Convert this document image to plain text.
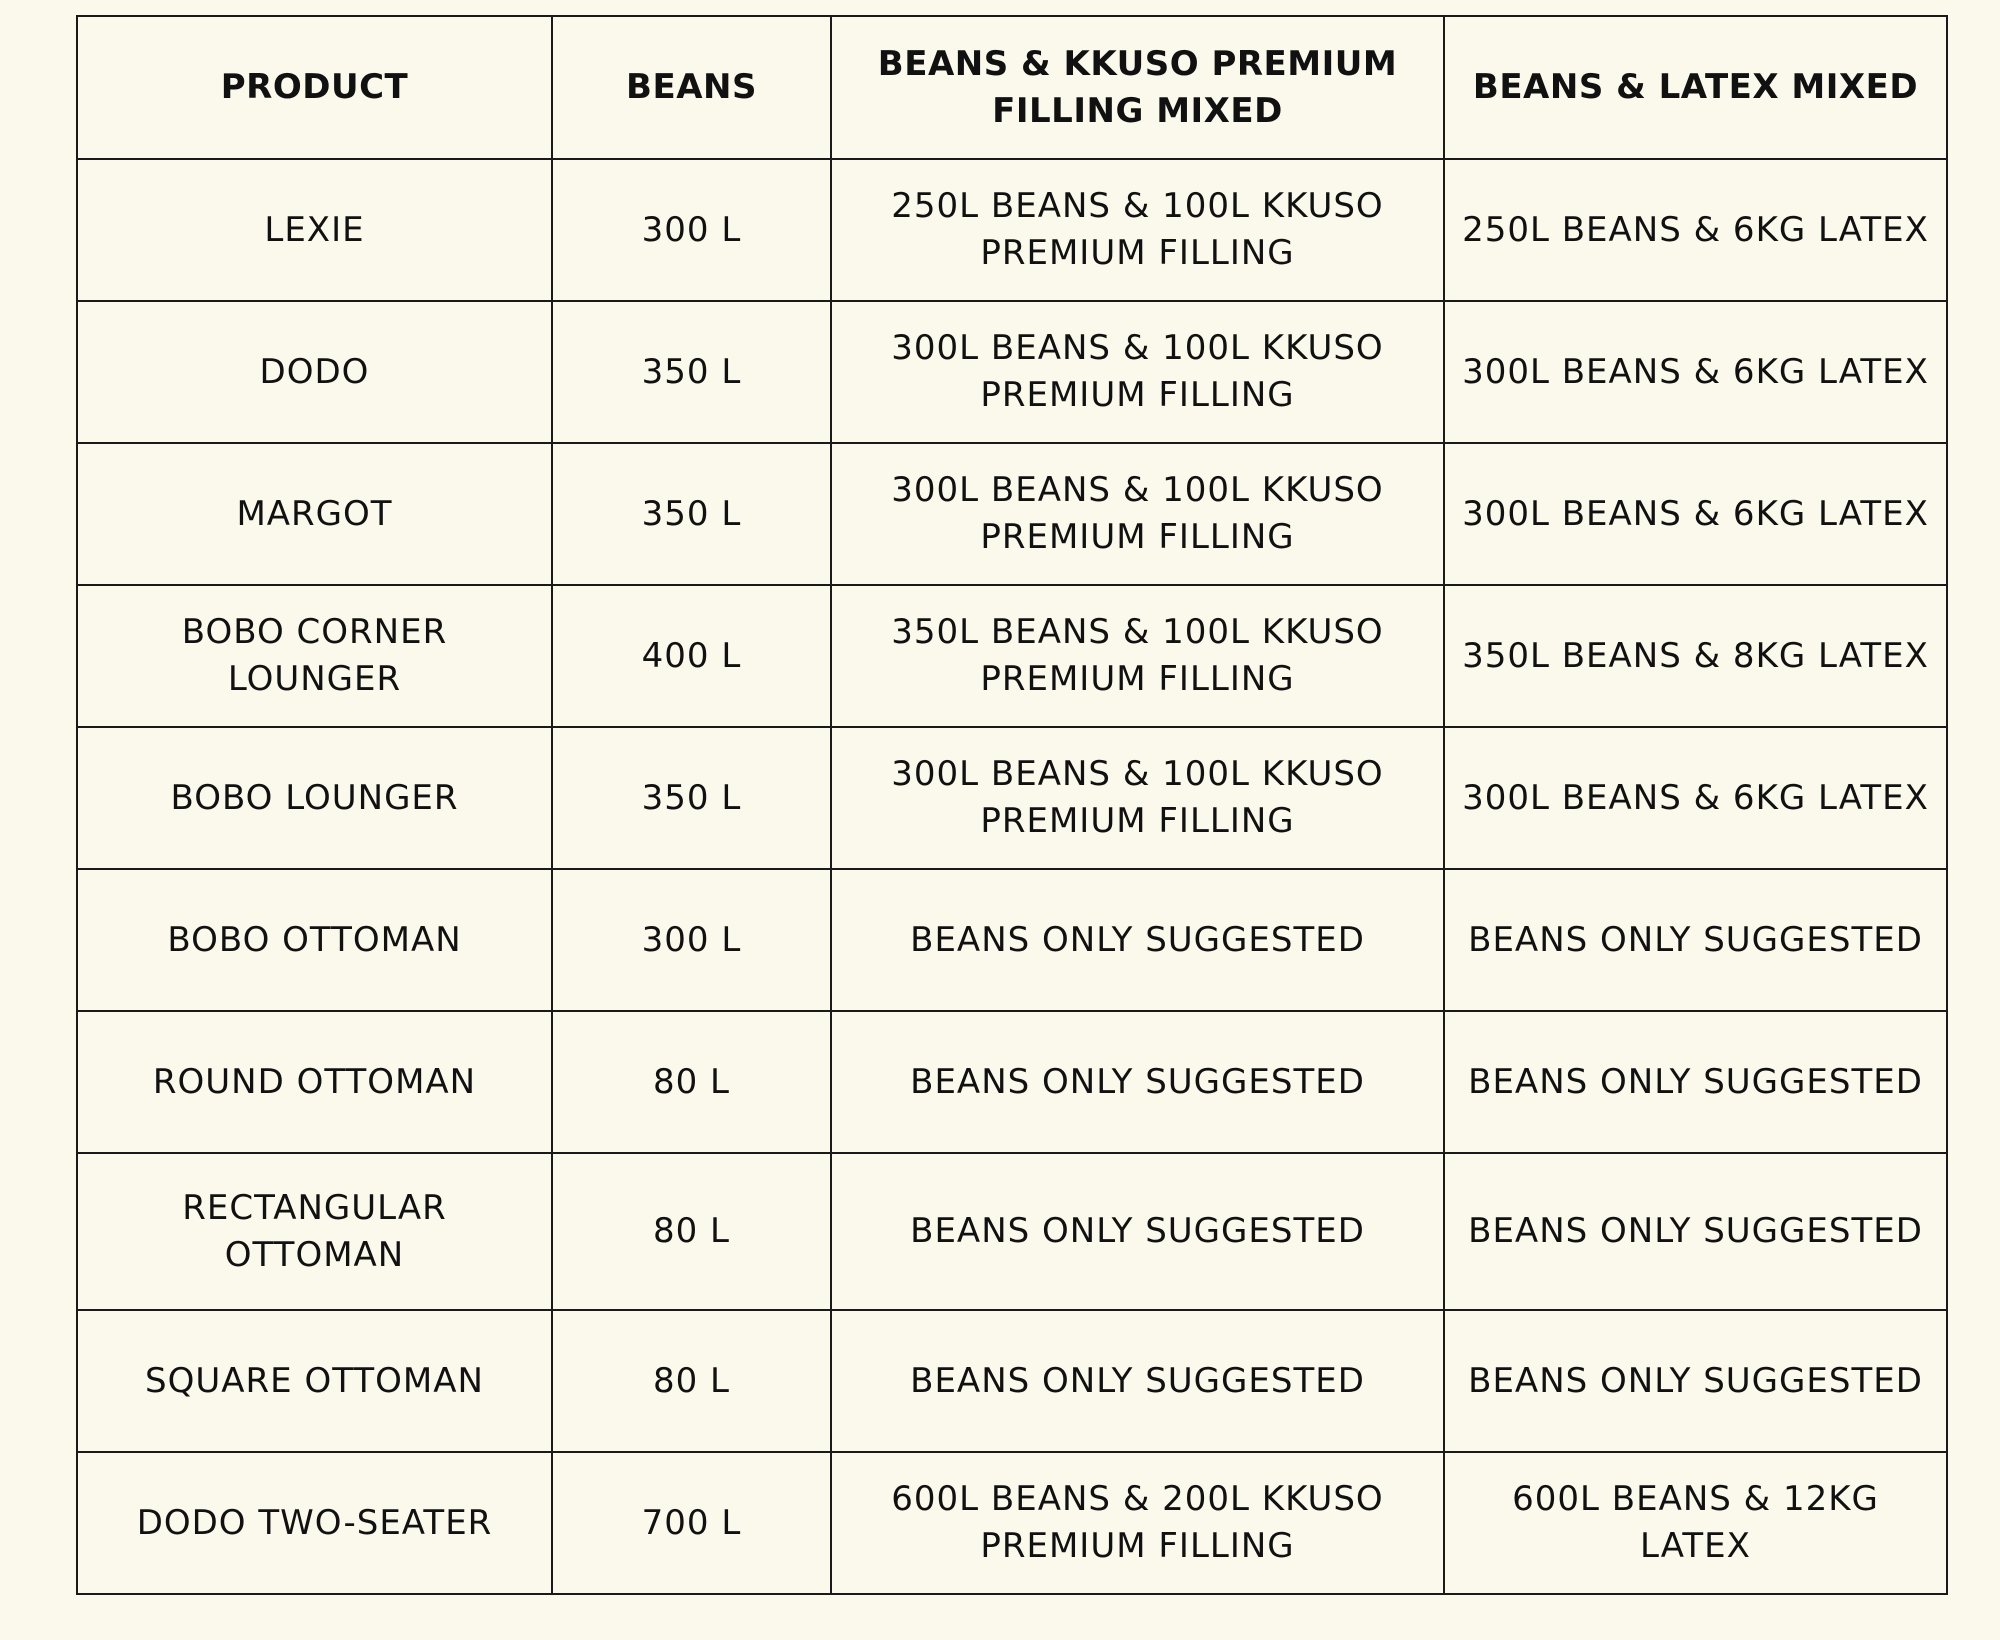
PRODUCT	BEANS	BEANS & KKUSO PREMIUM FILLING MIXED	BEANS & LATEX MIXED
LEXIE	300 L	250L BEANS & 100L KKUSO PREMIUM FILLING	250L BEANS & 6KG LATEX
DODO	350 L	300L BEANS & 100L KKUSO PREMIUM FILLING	300L BEANS & 6KG LATEX
MARGOT	350 L	300L BEANS & 100L KKUSO PREMIUM FILLING	300L BEANS & 6KG LATEX
BOBO CORNER LOUNGER	400 L	350L BEANS & 100L KKUSO PREMIUM FILLING	350L BEANS & 8KG LATEX
BOBO LOUNGER	350 L	300L BEANS & 100L KKUSO PREMIUM FILLING	300L BEANS & 6KG LATEX
BOBO OTTOMAN	300 L	BEANS ONLY SUGGESTED	BEANS ONLY SUGGESTED
ROUND OTTOMAN	80 L	BEANS ONLY SUGGESTED	BEANS ONLY SUGGESTED
RECTANGULAR OTTOMAN	80 L	BEANS ONLY SUGGESTED	BEANS ONLY SUGGESTED
SQUARE OTTOMAN	80 L	BEANS ONLY SUGGESTED	BEANS ONLY SUGGESTED
DODO TWO-SEATER	700 L	600L BEANS & 200L KKUSO PREMIUM FILLING	600L BEANS & 12KG LATEX
